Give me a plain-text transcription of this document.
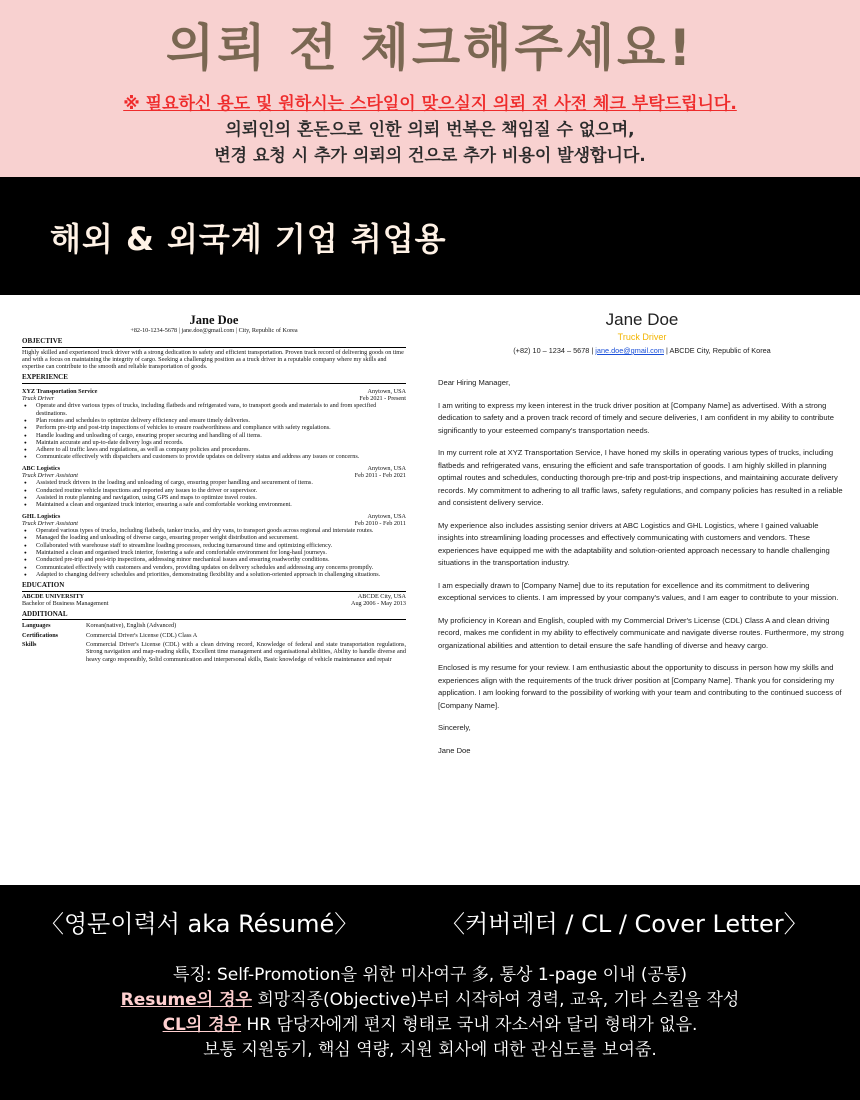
의뢰 전 체크해주세요!
※ 필요하신 용도 및 원하시는 스타일이 맞으실지 의뢰 전 사전 체크 부탁드립니다.
의뢰인의 혼돈으로 인한 의뢰 번복은 책임질 수 없으며,
변경 요청 시 추가 의뢰의 건으로 추가 비용이 발생합니다.
해외 & 외국계 기업 취업용
Jane Doe
+82-10-1234-5678 | jane.doe@gmail.com | City, Republic of Korea
OBJECTIVE
Highly skilled and experienced truck driver with a strong dedication to safety and efficient transportation. Proven track record of delivering goods on time and with a focus on maintaining the integrity of cargo. Seeking a challenging position as a truck driver in a reputable company where my skills and expertise can contribute to the smooth and reliable transportation of goods.
EXPERIENCE
XYZ Transportation Service	Anytown, USA
Truck Driver	Feb 2021 - Present
● Operate and drive various types of trucks, including flatbeds and refrigerated vans, to transport goods and materials to and from specified destinations.
● Plan routes and schedules to optimize delivery efficiency and ensure timely deliveries.
● Perform pre-trip and post-trip inspections of vehicles to ensure roadworthiness and compliance with safety regulations.
● Handle loading and unloading of cargo, ensuring proper securing and handling of all items.
● Maintain accurate and up-to-date delivery logs and records.
● Adhere to all traffic laws and regulations, as well as company policies and procedures.
● Communicate effectively with dispatchers and customers to provide updates on delivery status and address any issues or concerns.
ABC Logistics	Anytown, USA
Truck Driver Assistant	Feb 2011 - Feb 2021
● Assisted truck drivers in the loading and unloading of cargo, ensuring proper handling and securement of items.
● Conducted routine vehicle inspections and reported any issues to the driver or supervisor.
● Assisted in route planning and navigation, using GPS and maps to optimize travel routes.
● Maintained a clean and organized truck interior, ensuring a safe and comfortable working environment.
GHL Logistics	Anytown, USA
Truck Driver Assistant	Feb 2010 - Feb 2011
● Operated various types of trucks, including flatbeds, tanker trucks, and dry vans, to transport goods across regional and interstate routes.
● Managed the loading and unloading of diverse cargo, ensuring proper weight distribution and securement.
● Collaborated with warehouse staff to streamline loading processes, reducing turnaround time and optimizing efficiency.
● Maintained a clean and organised truck interior, fostering a safe and comfortable environment for long-haul journeys.
● Conducted pre-trip and post-trip inspections, addressing minor mechanical issues and ensuring roadworthy conditions.
● Communicated effectively with customers and vendors, providing updates on delivery schedules and addressing any concerns promptly.
● Adapted to changing delivery schedules and priorities, demonstrating flexibility and a solution-oriented approach in challenging situations.
EDUCATION
ABCDE UNIVERSITY	ABCDE City, USA
Bachelor of Business Management	Aug 2006 - May 2013
ADDITIONAL
Languages	Korean(native), English (Advanced)
Certifications	Commercial Driver's License (CDL) Class A
Skills	Commercial Driver's License (CDL) with a clean driving record, Knowledge of federal and state transportation regulations, Strong navigation and map-reading skills, Excellent time management and organisational abilities, Ability to handle diverse and heavy cargo responsibly, Solid communication and interpersonal skills, Basic knowledge of vehicle maintenance and repair
Jane Doe
Truck Driver
(+82) 10 – 1234 – 5678 | jane.doe@gmail.com | ABCDE City, Republic of Korea

Dear Hiring Manager,

I am writing to express my keen interest in the truck driver position at [Company Name] as advertised. With a strong dedication to safety and a proven track record of timely and secure deliveries, I am confident in my ability to contribute significantly to your esteemed company's transportation needs.

In my current role at XYZ Transportation Service, I have honed my skills in operating various types of trucks, including flatbeds and refrigerated vans, ensuring the efficient and safe transportation of goods. I am highly skilled in planning optimal routes and schedules, conducting thorough pre-trip and post-trip inspections, and maintaining accurate delivery records. My commitment to adhering to all traffic laws, safety regulations, and company policies has resulted in a reliable and consistent delivery service.

My experience also includes assisting senior drivers at ABC Logistics and GHL Logistics, where I gained valuable insights into streamlining loading processes and effectively communicating with customers and vendors. These experiences have equipped me with the adaptability and solution-oriented approach necessary to handle challenging situations in the transportation industry.

I am especially drawn to [Company Name] due to its reputation for excellence and its commitment to delivering exceptional services to clients. I am impressed by your company's values, and I am eager to contribute to your mission.

My proficiency in Korean and English, coupled with my Commercial Driver's License (CDL) Class A and clean driving record, makes me confident in my ability to effectively communicate and navigate diverse routes. Furthermore, my strong organizational abilities and attention to detail ensure the safe handling of diverse and heavy cargo.

Enclosed is my resume for your review. I am enthusiastic about the opportunity to discuss in person how my skills and experiences align with the requirements of the truck driver position at [Company Name]. Thank you for considering my application. I am looking forward to the possibility of working with your team and contributing to the continued success of [Company Name].

Sincerely,

Jane Doe

〈영문이력서 aka Résumé〉	〈커버레터 / CL / Cover Letter〉
특징: Self-Promotion을 위한 미사여구 多, 통상 1-page 이내 (공통)
Resume의 경우 희망직종(Objective)부터 시작하여 경력, 교육, 기타 스킬을 작성
CL의 경우 HR 담당자에게 편지 형태로 국내 자소서와 달리 형태가 없음.
보통 지원동기, 핵심 역량, 지원 회사에 대한 관심도를 보여줌.
